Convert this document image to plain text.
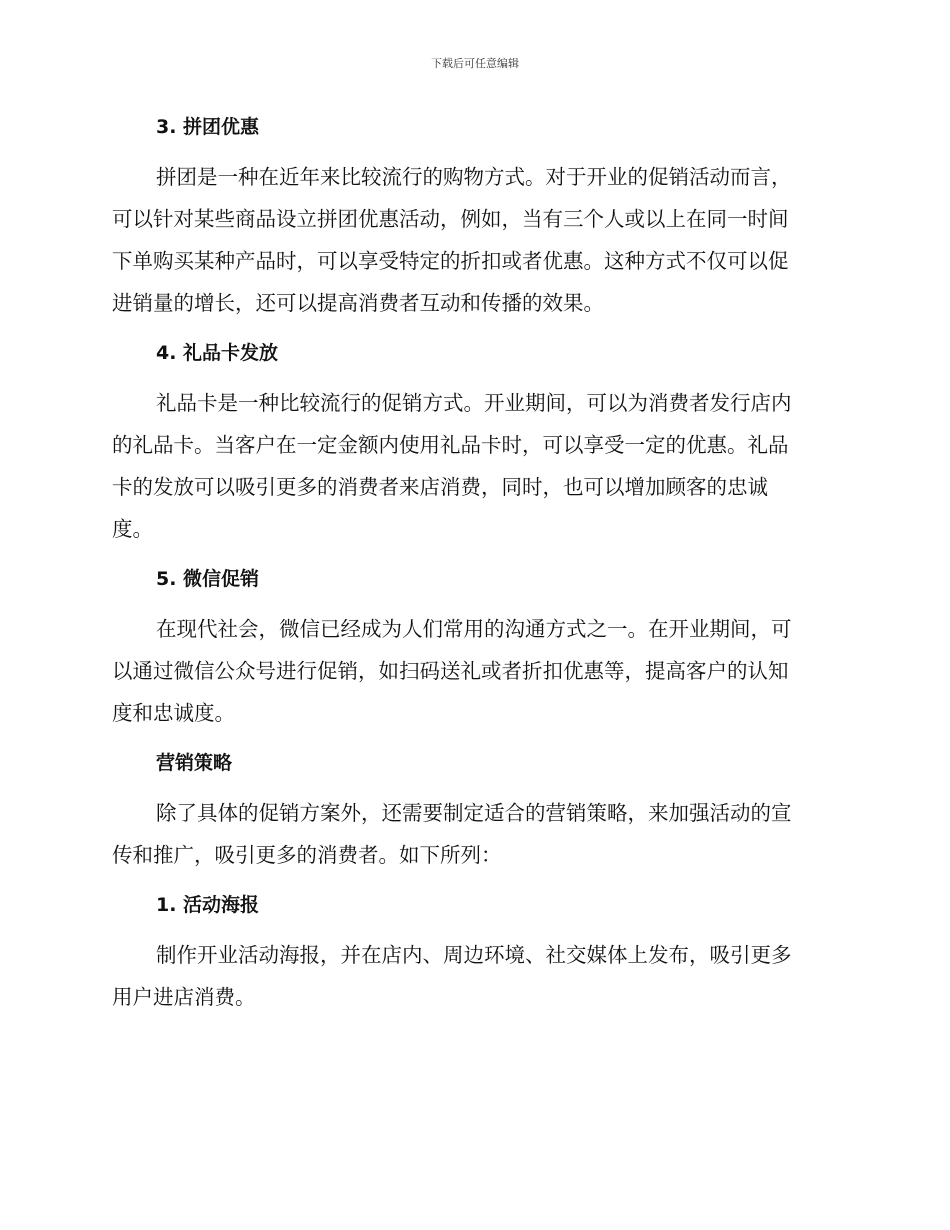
下载后可任意编辑
3. 拼团优惠
拼团是一种在近年来比较流行的购物方式。对于开业的促销活动而言，
可以针对某些商品设立拼团优惠活动，例如，当有三个人或以上在同一时间
下单购买某种产品时，可以享受特定的折扣或者优惠。这种方式不仅可以促
进销量的增长，还可以提高消费者互动和传播的效果。
4. 礼品卡发放
礼品卡是一种比较流行的促销方式。开业期间，可以为消费者发行店内
的礼品卡。当客户在一定金额内使用礼品卡时，可以享受一定的优惠。礼品
卡的发放可以吸引更多的消费者来店消费，同时，也可以增加顾客的忠诚
度。
5. 微信促销
在现代社会，微信已经成为人们常用的沟通方式之一。在开业期间，可
以通过微信公众号进行促销，如扫码送礼或者折扣优惠等，提高客户的认知
度和忠诚度。
营销策略
除了具体的促销方案外，还需要制定适合的营销策略，来加强活动的宣
传和推广，吸引更多的消费者。如下所列：
1. 活动海报
制作开业活动海报，并在店内、周边环境、社交媒体上发布，吸引更多
用户进店消费。
